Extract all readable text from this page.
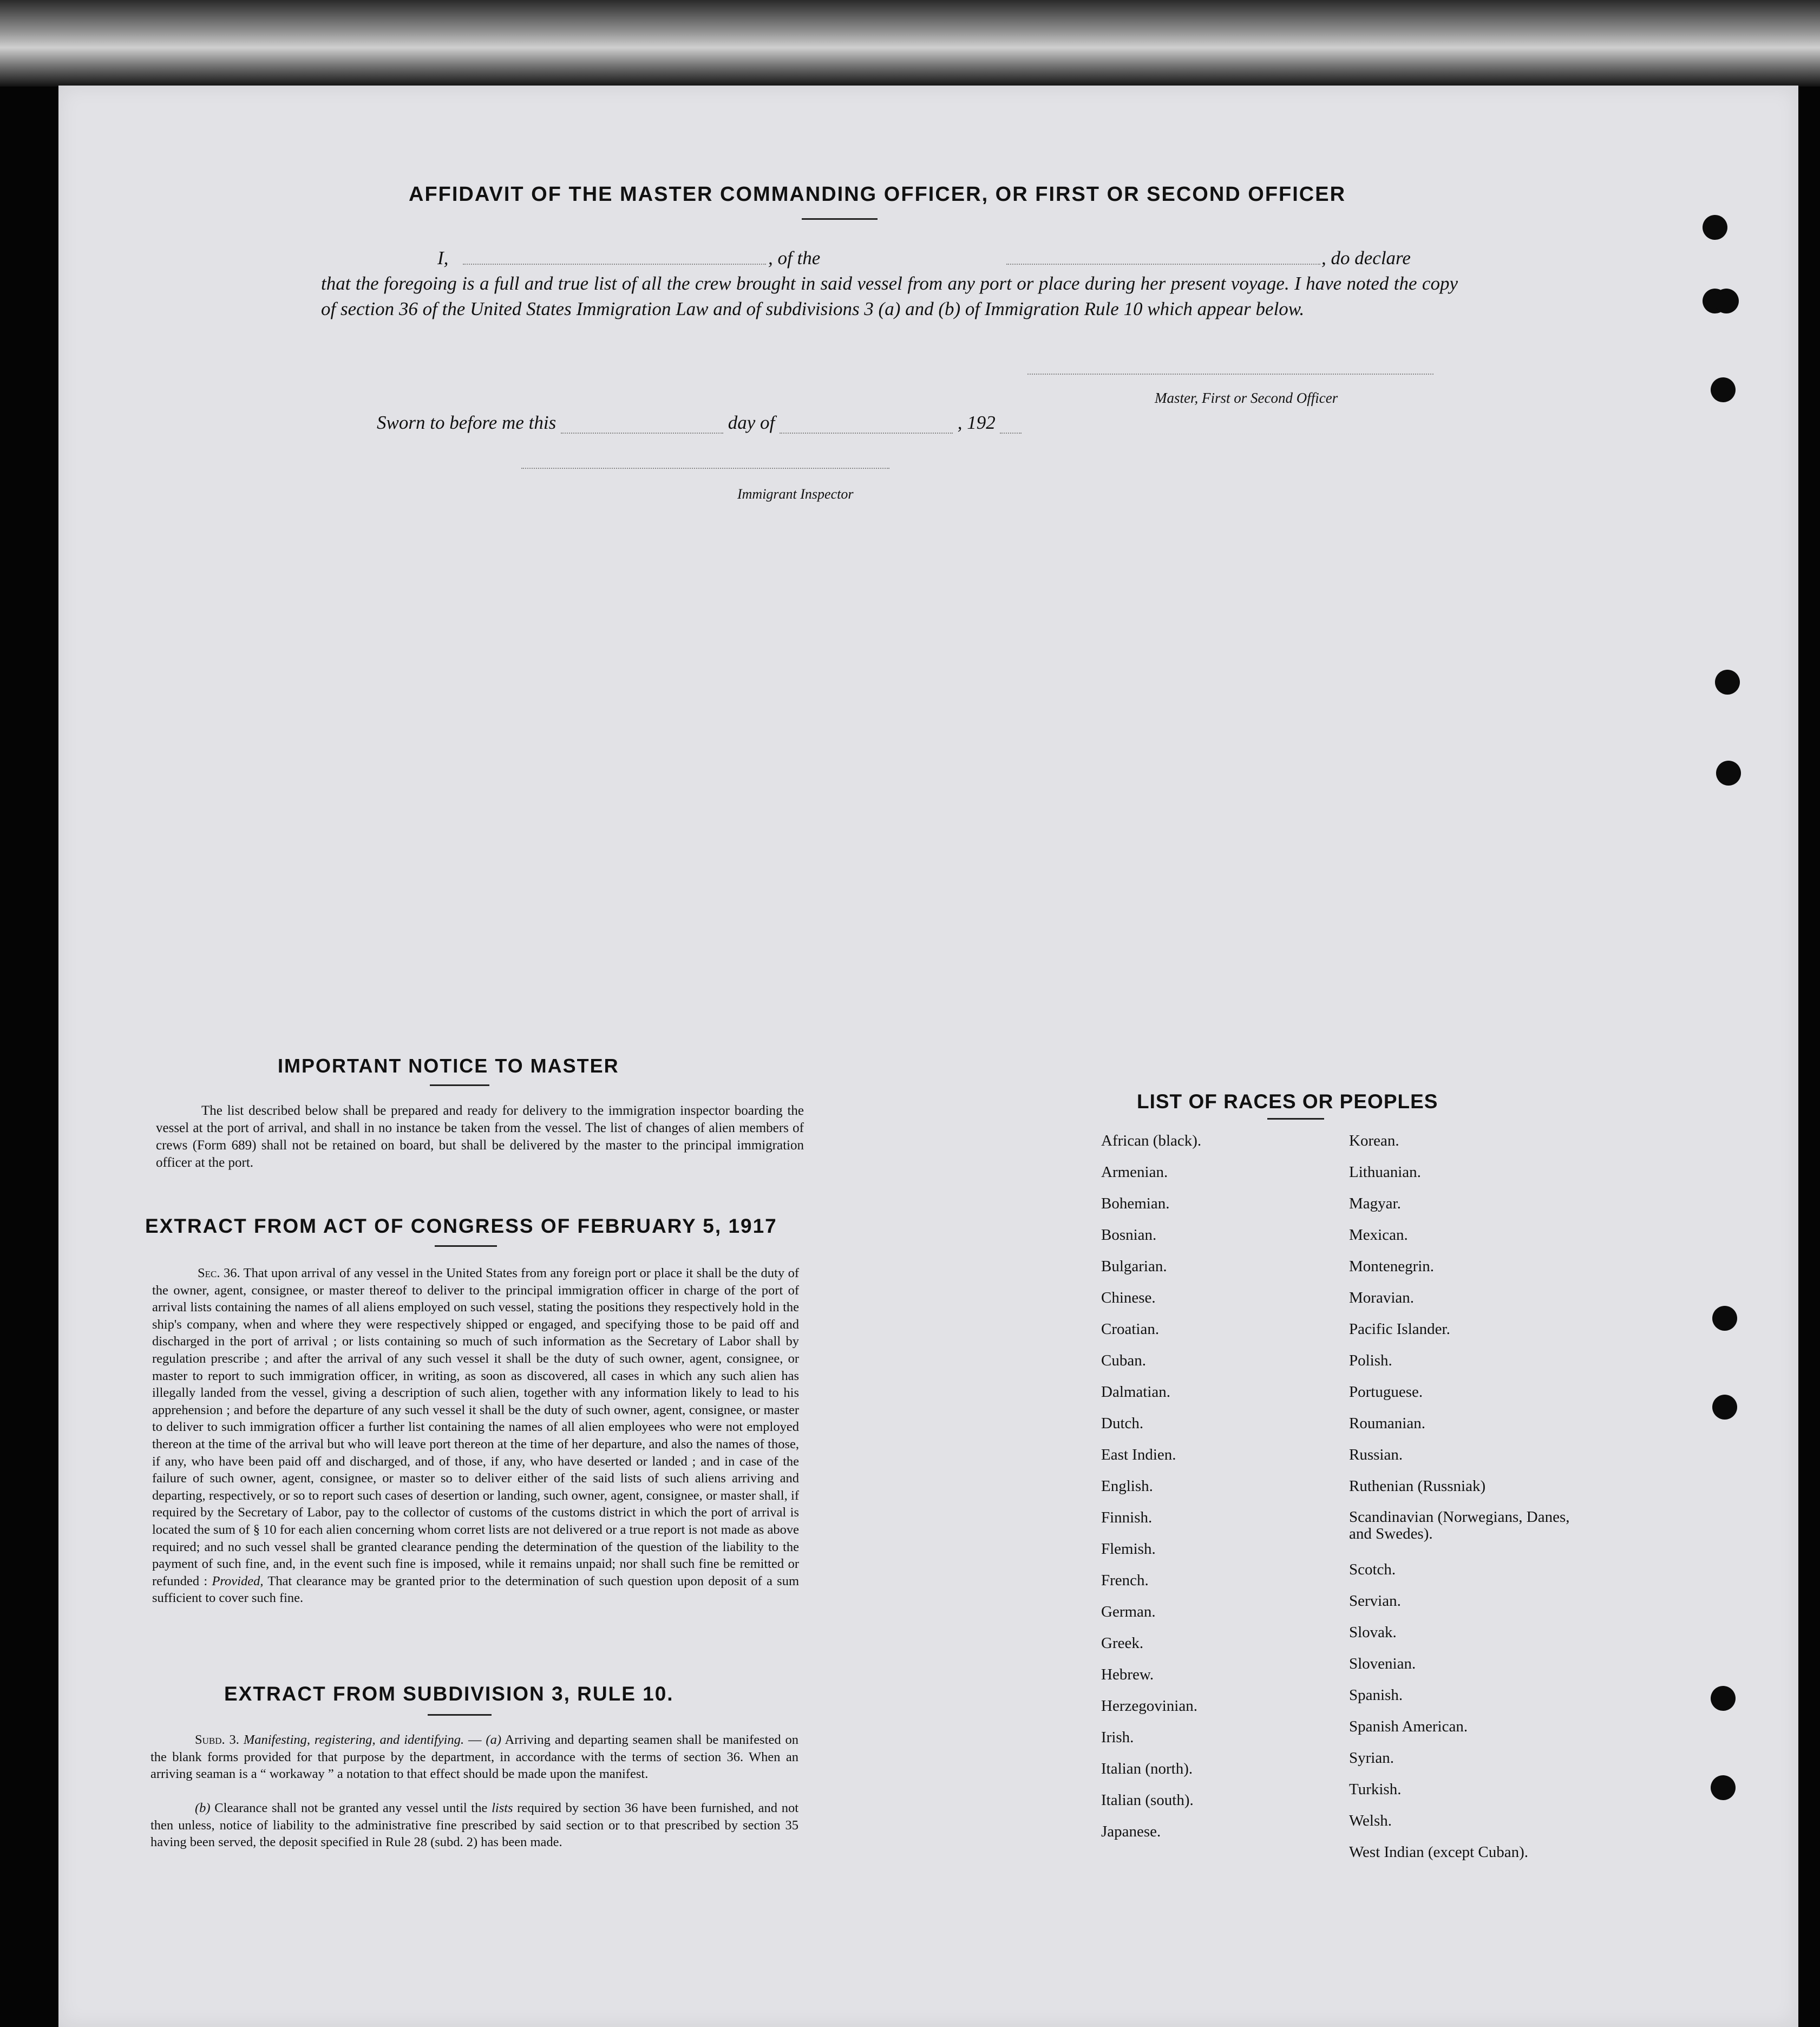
AFFIDAVIT OF THE MASTER COMMANDING OFFICER, OR FIRST OR SECOND OFFICER
I,	, of the	, do declare

that the foregoing is a full and true list of all the crew brought in said vessel from any port or place during her present voyage. I have noted the copy of section 36 of the United States Immigration Law and of subdivisions 3 (a) and (b) of Immigration Rule 10 which appear below.

Master, First or Second Officer
Sworn to before me this	day of	, 192
Immigrant Inspector
IMPORTANT NOTICE TO MASTER

The list described below shall be prepared and ready for delivery to the immigration inspector boarding the vessel at the port of arrival, and shall in no instance be taken from the vessel. The list of changes of alien members of crews (Form 689) shall not be retained on board, but shall be delivered by the master to the principal immigration officer at the port.

EXTRACT FROM ACT OF CONGRESS OF FEBRUARY 5, 1917

Sec. 36. That upon arrival of any vessel in the United States from any foreign port or place it shall be the duty of the owner, agent, consignee, or master thereof to deliver to the principal immigration officer in charge of the port of arrival lists containing the names of all aliens employed on such vessel, stating the positions they respectively hold in the ship's company, when and where they were respectively shipped or engaged, and specifying those to be paid off and discharged in the port of arrival ; or lists containing so much of such information as the Secretary of Labor shall by regulation prescribe ; and after the arrival of any such vessel it shall be the duty of such owner, agent, consignee, or master to report to such immigration officer, in writing, as soon as discovered, all cases in which any such alien has illegally landed from the vessel, giving a description of such alien, together with any information likely to lead to his apprehension ; and before the departure of any such vessel it shall be the duty of such owner, agent, consignee, or master to deliver to such immigration officer a further list containing the names of all alien employees who were not employed thereon at the time of the arrival but who will leave port thereon at the time of her departure, and also the names of those, if any, who have been paid off and discharged, and of those, if any, who have deserted or landed ; and in case of the failure of such owner, agent, consignee, or master so to deliver either of the said lists of such aliens arriving and departing, respectively, or so to report such cases of desertion or landing, such owner, agent, consignee, or master shall, if required by the Secretary of Labor, pay to the collector of customs of the customs district in which the port of arrival is located the sum of § 10 for each alien concerning whom corret lists are not delivered or a true report is not made as above required; and no such vessel shall be granted clearance pending the determination of the question of the liability to the payment of such fine, and, in the event such fine is imposed, while it remains unpaid; nor shall such fine be remitted or refunded : Provided, That clearance may be granted prior to the determination of such question upon deposit of a sum sufficient to cover such fine.

EXTRACT FROM SUBDIVISION 3, RULE 10.

Subd. 3. Manifesting, registering, and identifying. — (a) Arriving and departing seamen shall be manifested on the blank forms provided for that purpose by the department, in accordance with the terms of section 36. When an arriving seaman is a “ workaway ” a notation to that effect should be made upon the manifest.

(b) Clearance shall not be granted any vessel until the lists required by section 36 have been furnished, and not then unless, notice of liability to the administrative fine prescribed by said section or to that prescribed by section 35 having been served, the deposit specified in Rule 28 (subd. 2) has been made.

LIST OF RACES OR PEOPLES
African (black).
Armenian.
Bohemian.
Bosnian.
Bulgarian.
Chinese.
Croatian.
Cuban.
Dalmatian.
Dutch.
East Indien.
English.
Finnish.
Flemish.
French.
German.
Greek.
Hebrew.
Herzegovinian.
Irish.
Italian (north).
Italian (south).
Japanese.
Korean.
Lithuanian.
Magyar.
Mexican.
Montenegrin.
Moravian.
Pacific Islander.
Polish.
Portuguese.
Roumanian.
Russian.
Ruthenian (Russniak)
Scandinavian (Norwegians, Danes, and Swedes).
Scotch.
Servian.
Slovak.
Slovenian.
Spanish.
Spanish American.
Syrian.
Turkish.
Welsh.
West Indian (except Cuban).
